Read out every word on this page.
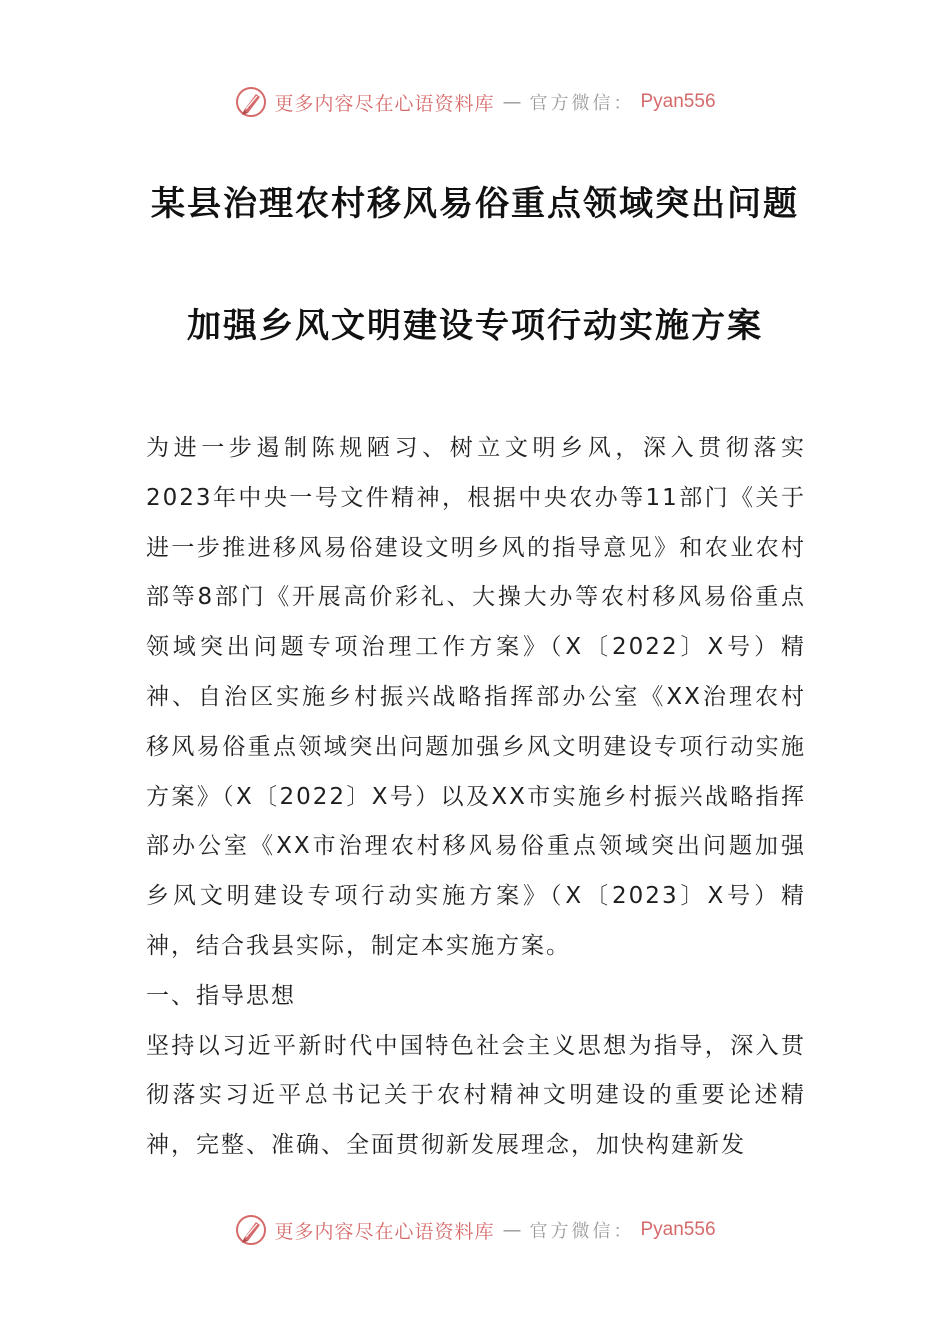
更多内容尽在心语资料库 — 官方微信： Pyan556
某县治理农村移风易俗重点领域突出问题
加强乡风文明建设专项行动实施方案

为进一步遏制陈规陋习、树立文明乡风，深入贯彻落实2023年中央一号文件精神，根据中央农办等11部门《关于进一步推进移风易俗建设文明乡风的指导意见》和农业农村部等8部门《开展高价彩礼、大操大办等农村移风易俗重点领域突出问题专项治理工作方案》（X〔2022〕X号）精神、自治区实施乡村振兴战略指挥部办公室《XX治理农村移风易俗重点领域突出问题加强乡风文明建设专项行动实施方案》（X〔2022〕X号）以及XX市实施乡村振兴战略指挥部办公室《XX市治理农村移风易俗重点领域突出问题加强乡风文明建设专项行动实施方案》（X〔2023〕X号）精神，结合我县实际，制定本实施方案。

一、指导思想

坚持以习近平新时代中国特色社会主义思想为指导，深入贯彻落实习近平总书记关于农村精神文明建设的重要论述精神，完整、准确、全面贯彻新发展理念，加快构建新发

更多内容尽在心语资料库 — 官方微信： Pyan556
